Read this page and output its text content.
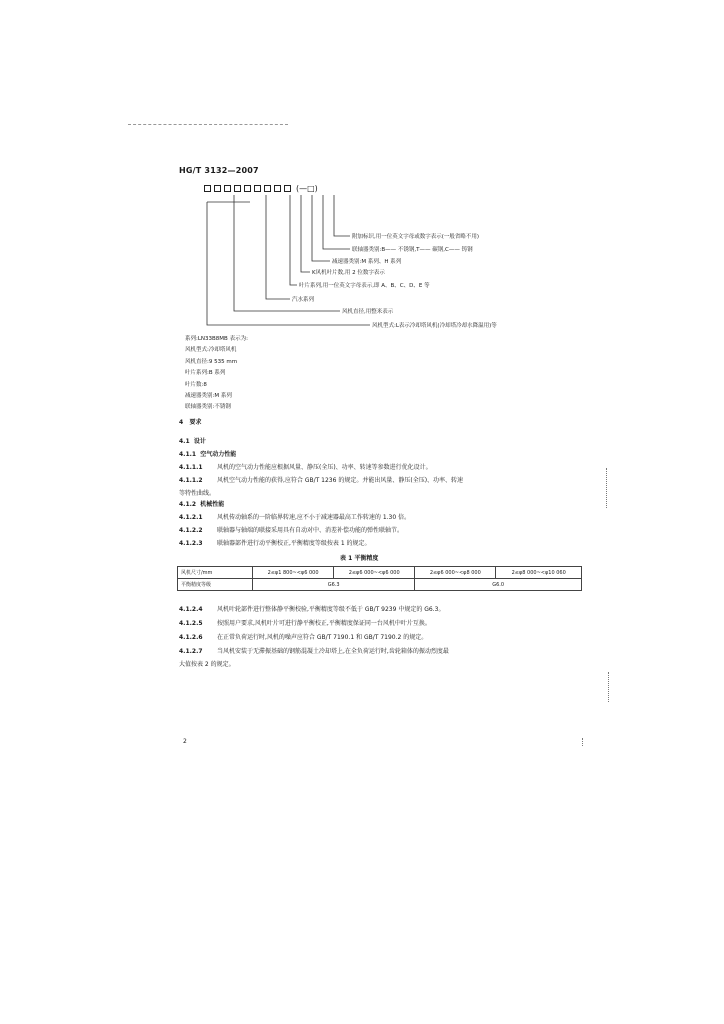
HG/T 3132—2007
(—□)
附加标识,用一位英文字母或数字表示(一般省略不用)
联轴器类别:B—— 不锈钢,T—— 碳钢,C—— 铸钢
减速器类别:M 系列、H 系列
K风机叶片数,用 2 位数字表示
叶片系列,用一位英文字母表示,即 A、B、C、D、E 等
汽水系列
风机直径,用整米表示
风机型式:L表示冷却塔风机(冷却塔冷却水降温用)等
系列:LN33B8MB 表示为:
风机型式:冷却塔风机
风机直径:9 535 mm
叶片系列:B 系列
叶片数:8
减速器类别:M 系列
联轴器类别:不锈钢
4 要求
4.1 设计
4.1.1 空气动力性能
4.1.1.1 风机的空气动力性能应根据风量、静压(全压)、功率、转速等参数进行优化设计。
4.1.1.2 风机空气动力性能的获得,应符合 GB/T 1236 的规定。并能出风量、静压(全压)、功率、转速
等特性曲线。
4.1.2 机械性能
4.1.2.1 风机传动轴系的一阶临界转速,应不小于减速器最高工作转速的 1.30 倍。
4.1.2.2 联轴器与轴端的联接采用具有自动对中、消差补偿功能的弹性联轴节。
4.1.2.3 联轴器部件进行动平衡校正,平衡精度等级按表 1 的规定。
表 1 平衡精度
风机尺寸/mm	2≤φ1 800~<φ6 000	2≤φ6 000~<φ6 000	2≤φ6 000~<φ8 000	2≤φ8 000~<φ10 060
平衡精度等级	G6.3		G6.0	
4.1.2.4 风机叶轮部件进行整体静平衡校验,平衡精度等级不低于 GB/T 9239 中规定的 G6.3。
4.1.2.5 按照用户要求,风机叶片可进行静平衡校正,平衡精度保证同一台风机中叶片互换。
4.1.2.6 在正常负荷运行时,风机的噪声应符合 GB/T 7190.1 和 GB/T 7190.2 的规定。
4.1.2.7 当风机安装于无滞振基础的钢筋混凝土冷却塔上,在全负荷运行时,齿轮箱体的振动烈度最
大值按表 2 的规定。
2
